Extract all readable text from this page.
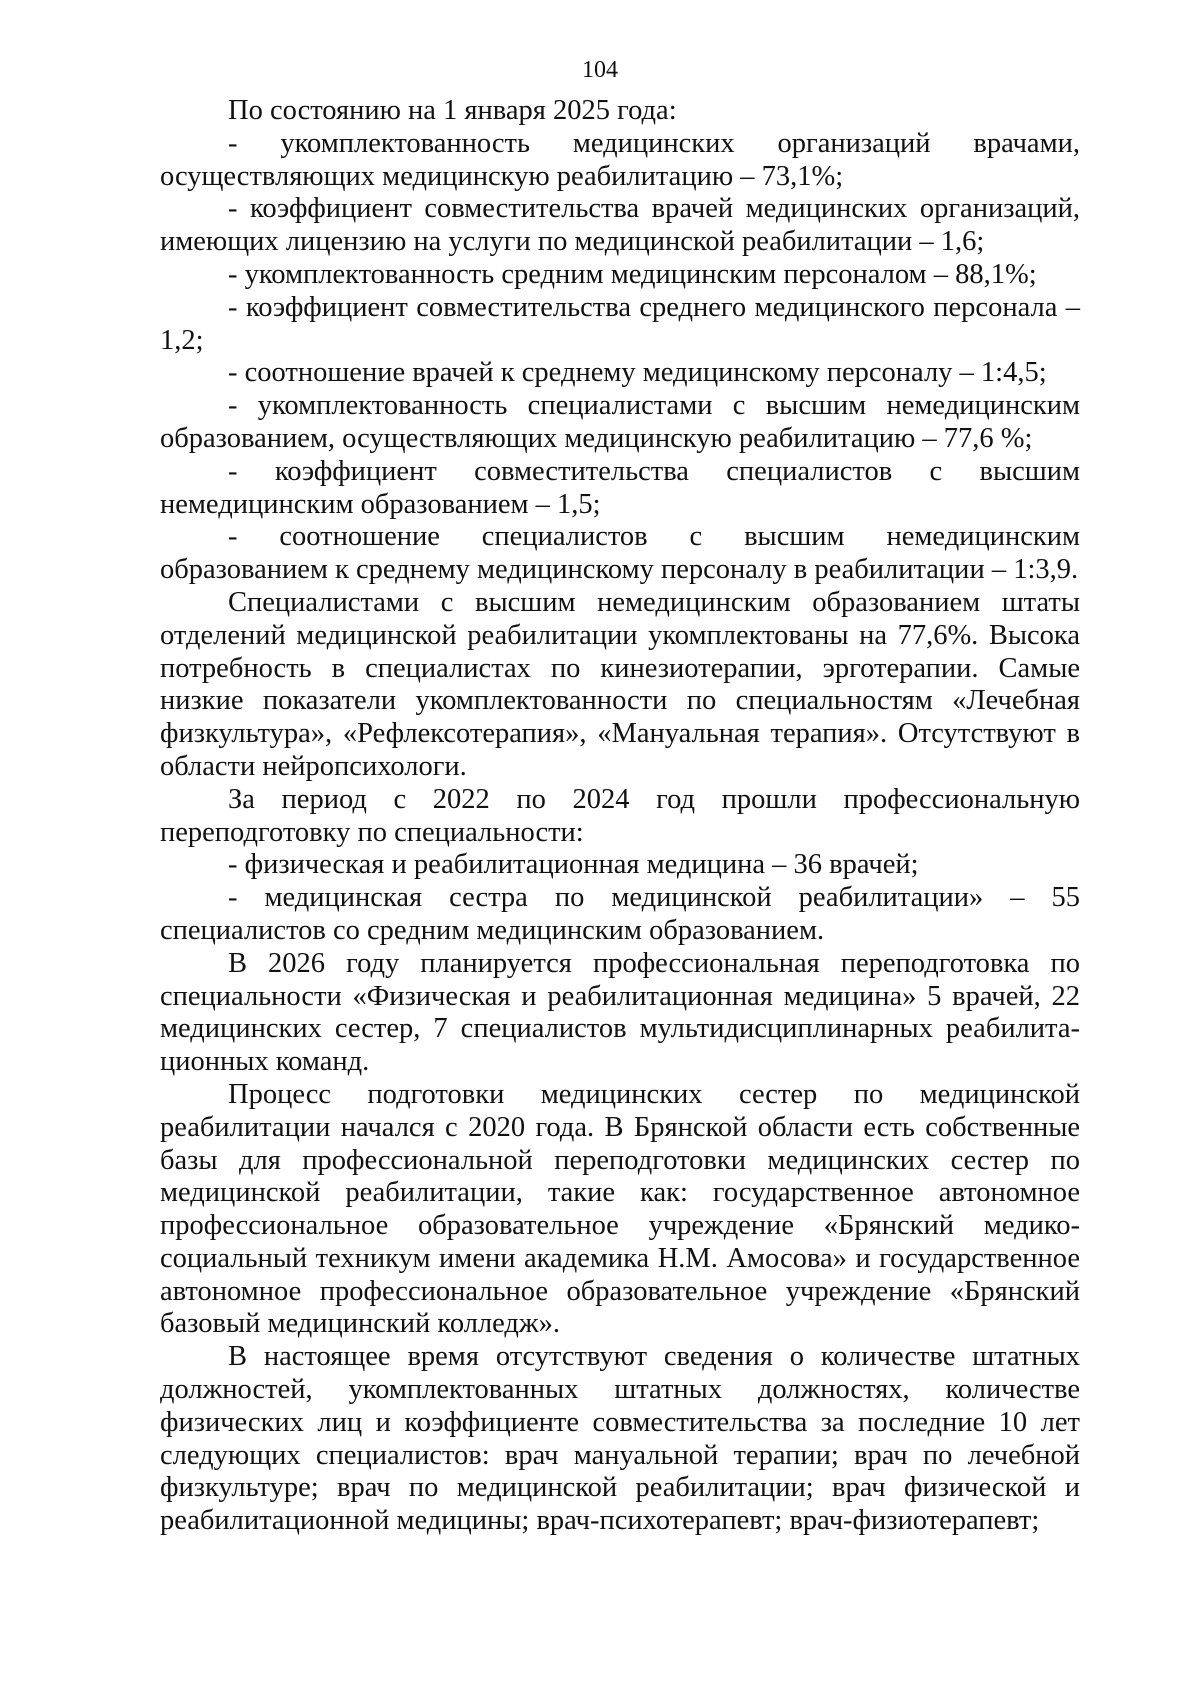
104

По состоянию на 1 января 2025 года:

- укомплектованность медицинских организаций врачами, осуществляющих медицинскую реабилитацию – 73,1%;

- коэффициент совместительства врачей медицинских организаций, имеющих лицензию на услуги по медицинской реабилитации – 1,6;

- укомплектованность средним медицинским персоналом – 88,1%;

- коэффициент совместительства среднего медицинского персонала – 1,2;

- соотношение врачей к среднему медицинскому персоналу – 1:4,5;

- укомплектованность специалистами с высшим немедицинским образованием, осуществляющих медицинскую реабилитацию – 77,6 %;

- коэффициент совместительства специалистов с высшим немедицинским образованием – 1,5;

- соотношение специалистов с высшим немедицинским образованием к среднему медицинскому персоналу в реабилитации – 1:3,9.

Специалистами с высшим немедицинским образованием штаты отделений медицинской реабилитации укомплектованы на 77,6%. Высока потребность в специалистах по кинезиотерапии, эрготерапии. Самые низкие показатели укомплектованности по специальностям «Лечебная физкультура», «Рефлексотерапия», «Мануальная терапия». Отсутствуют в области нейропсихологи.

За период с 2022 по 2024 год прошли профессиональную переподготовку по специальности:

- физическая и реабилитационная медицина – 36 врачей;

- медицинская сестра по медицинской реабилитации» – 55 специалистов со средним медицинским образованием.

В 2026 году планируется профессиональная переподготовка по специальности «Физическая и реабилитационная медицина» 5 врачей, 22 медицинских сестер, 7 специалистов мультидисциплинарных реабилита-ционных команд.

Процесс подготовки медицинских сестер по медицинской реабилитации начался с 2020 года. В Брянской области есть собственные базы для профессиональной переподготовки медицинских сестер по медицинской реабилитации, такие как: государственное автономное профессиональное образовательное учреждение «Брянский медико-социальный техникум имени академика Н.М. Амосова» и государственное автономное профессиональное образовательное учреждение «Брянский базовый медицинский колледж».

В настоящее время отсутствуют сведения о количестве штатных должностей, укомплектованных штатных должностях, количестве физических лиц и коэффициенте совместительства за последние 10 лет следующих специалистов: врач мануальной терапии; врач по лечебной физкультуре; врач по медицинской реабилитации; врач физической и реабилитационной медицины; врач-психотерапевт; врач-физиотерапевт;
